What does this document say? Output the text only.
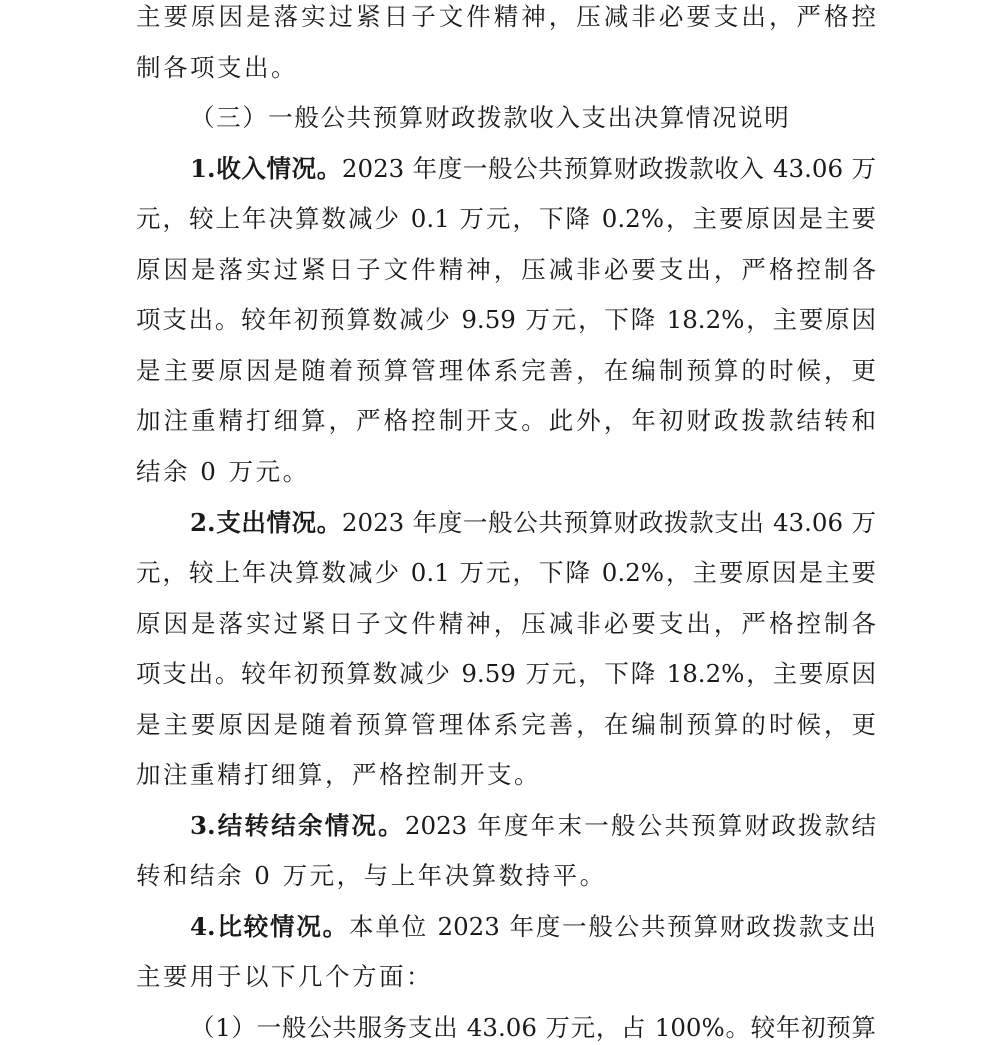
主要原因是落实过紧日子文件精神，压减非必要支出，严格控
制各项支出。
（三）一般公共预算财政拨款收入支出决算情况说明
1.收入情况。2023 年度一般公共预算财政拨款收入 43.06 万
元，较上年决算数减少 0.1 万元，下降 0.2%，主要原因是主要
原因是落实过紧日子文件精神，压减非必要支出，严格控制各
项支出。较年初预算数减少 9.59 万元，下降 18.2%，主要原因
是主要原因是随着预算管理体系完善，在编制预算的时候，更
加注重精打细算，严格控制开支。此外，年初财政拨款结转和
结余 0 万元。
2.支出情况。2023 年度一般公共预算财政拨款支出 43.06 万
元，较上年决算数减少 0.1 万元，下降 0.2%，主要原因是主要
原因是落实过紧日子文件精神，压减非必要支出，严格控制各
项支出。较年初预算数减少 9.59 万元，下降 18.2%，主要原因
是主要原因是随着预算管理体系完善，在编制预算的时候，更
加注重精打细算，严格控制开支。
3.结转结余情况。2023 年度年末一般公共预算财政拨款结
转和结余 0 万元，与上年决算数持平。
4.比较情况。本单位 2023 年度一般公共预算财政拨款支出
主要用于以下几个方面：
（1）一般公共服务支出 43.06 万元，占 100%。较年初预算
